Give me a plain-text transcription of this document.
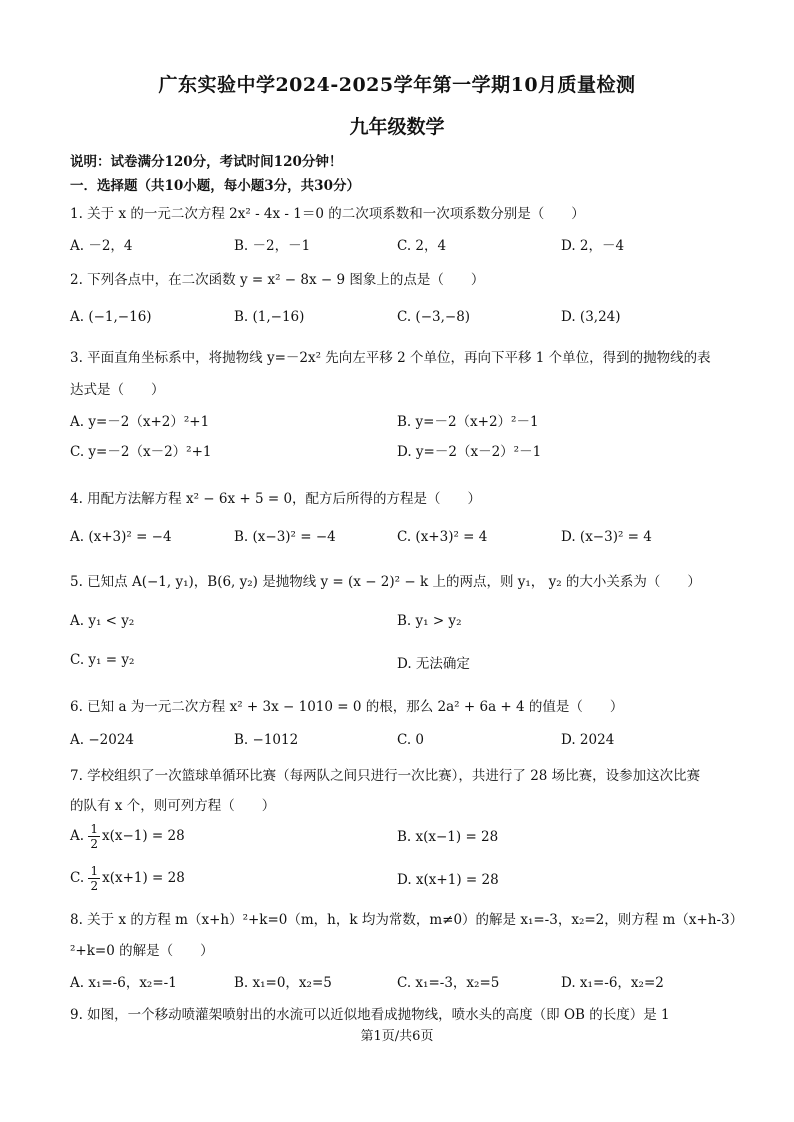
广东实验中学2024-2025学年第一学期10月质量检测
九年级数学
说明：试卷满分120分，考试时间120分钟！
一．选择题（共10小题，每小题3分，共30分）
1. 关于 x 的一元二次方程 2x² - 4x - 1＝0 的二次项系数和一次项系数分别是（　　）
A. －2，4	B. －2，－1	C. 2，4	D. 2，－4
2. 下列各点中，在二次函数 y = x² − 8x − 9 图象上的点是（　　）
A. (−1,−16)	B. (1,−16)	C. (−3,−8)	D. (3,24)
3. 平面直角坐标系中，将抛物线 y=－2x² 先向左平移 2 个单位，再向下平移 1 个单位，得到的抛物线的表
达式是（　　）
A. y=－2（x+2）²+1	B. y=－2（x+2）²－1
C. y=－2（x－2）²+1	D. y=－2（x－2）²－1
4. 用配方法解方程 x² − 6x + 5 = 0，配方后所得的方程是（　　）
A. (x+3)² = −4	B. (x−3)² = −4	C. (x+3)² = 4	D. (x−3)² = 4
5. 已知点 A(−1, y₁)，B(6, y₂) 是抛物线 y = (x − 2)² − k 上的两点，则 y₁， y₂ 的大小关系为（　　）
A. y₁ < y₂	B. y₁ > y₂
C. y₁ = y₂	D. 无法确定
6. 已知 a 为一元二次方程 x² + 3x − 1010 = 0 的根，那么 2a² + 6a + 4 的值是（　　）
A. −2024	B. −1012	C. 0	D. 2024
7. 学校组织了一次篮球单循环比赛（每两队之间只进行一次比赛），共进行了 28 场比赛，设参加这次比赛
的队有 x 个，则可列方程（　　）
A. $\frac{1}{2} x(x-1) = 28$	B. x(x−1) = 28
C. $\frac{1}{2} x(x+1) = 28$	D. x(x+1) = 28
8. 关于 x 的方程 m（x+h）²+k=0（m，h，k 均为常数，m≠0）的解是 x₁=-3，x₂=2，则方程 m（x+h-3）
²+k=0 的解是（　　）
A. x₁=-6，x₂=-1	B. x₁=0，x₂=5	C. x₁=-3，x₂=5	D. x₁=-6，x₂=2
9. 如图，一个移动喷灌架喷射出的水流可以近似地看成抛物线，喷水头的高度（即 OB 的长度）是 1
第1页/共6页
